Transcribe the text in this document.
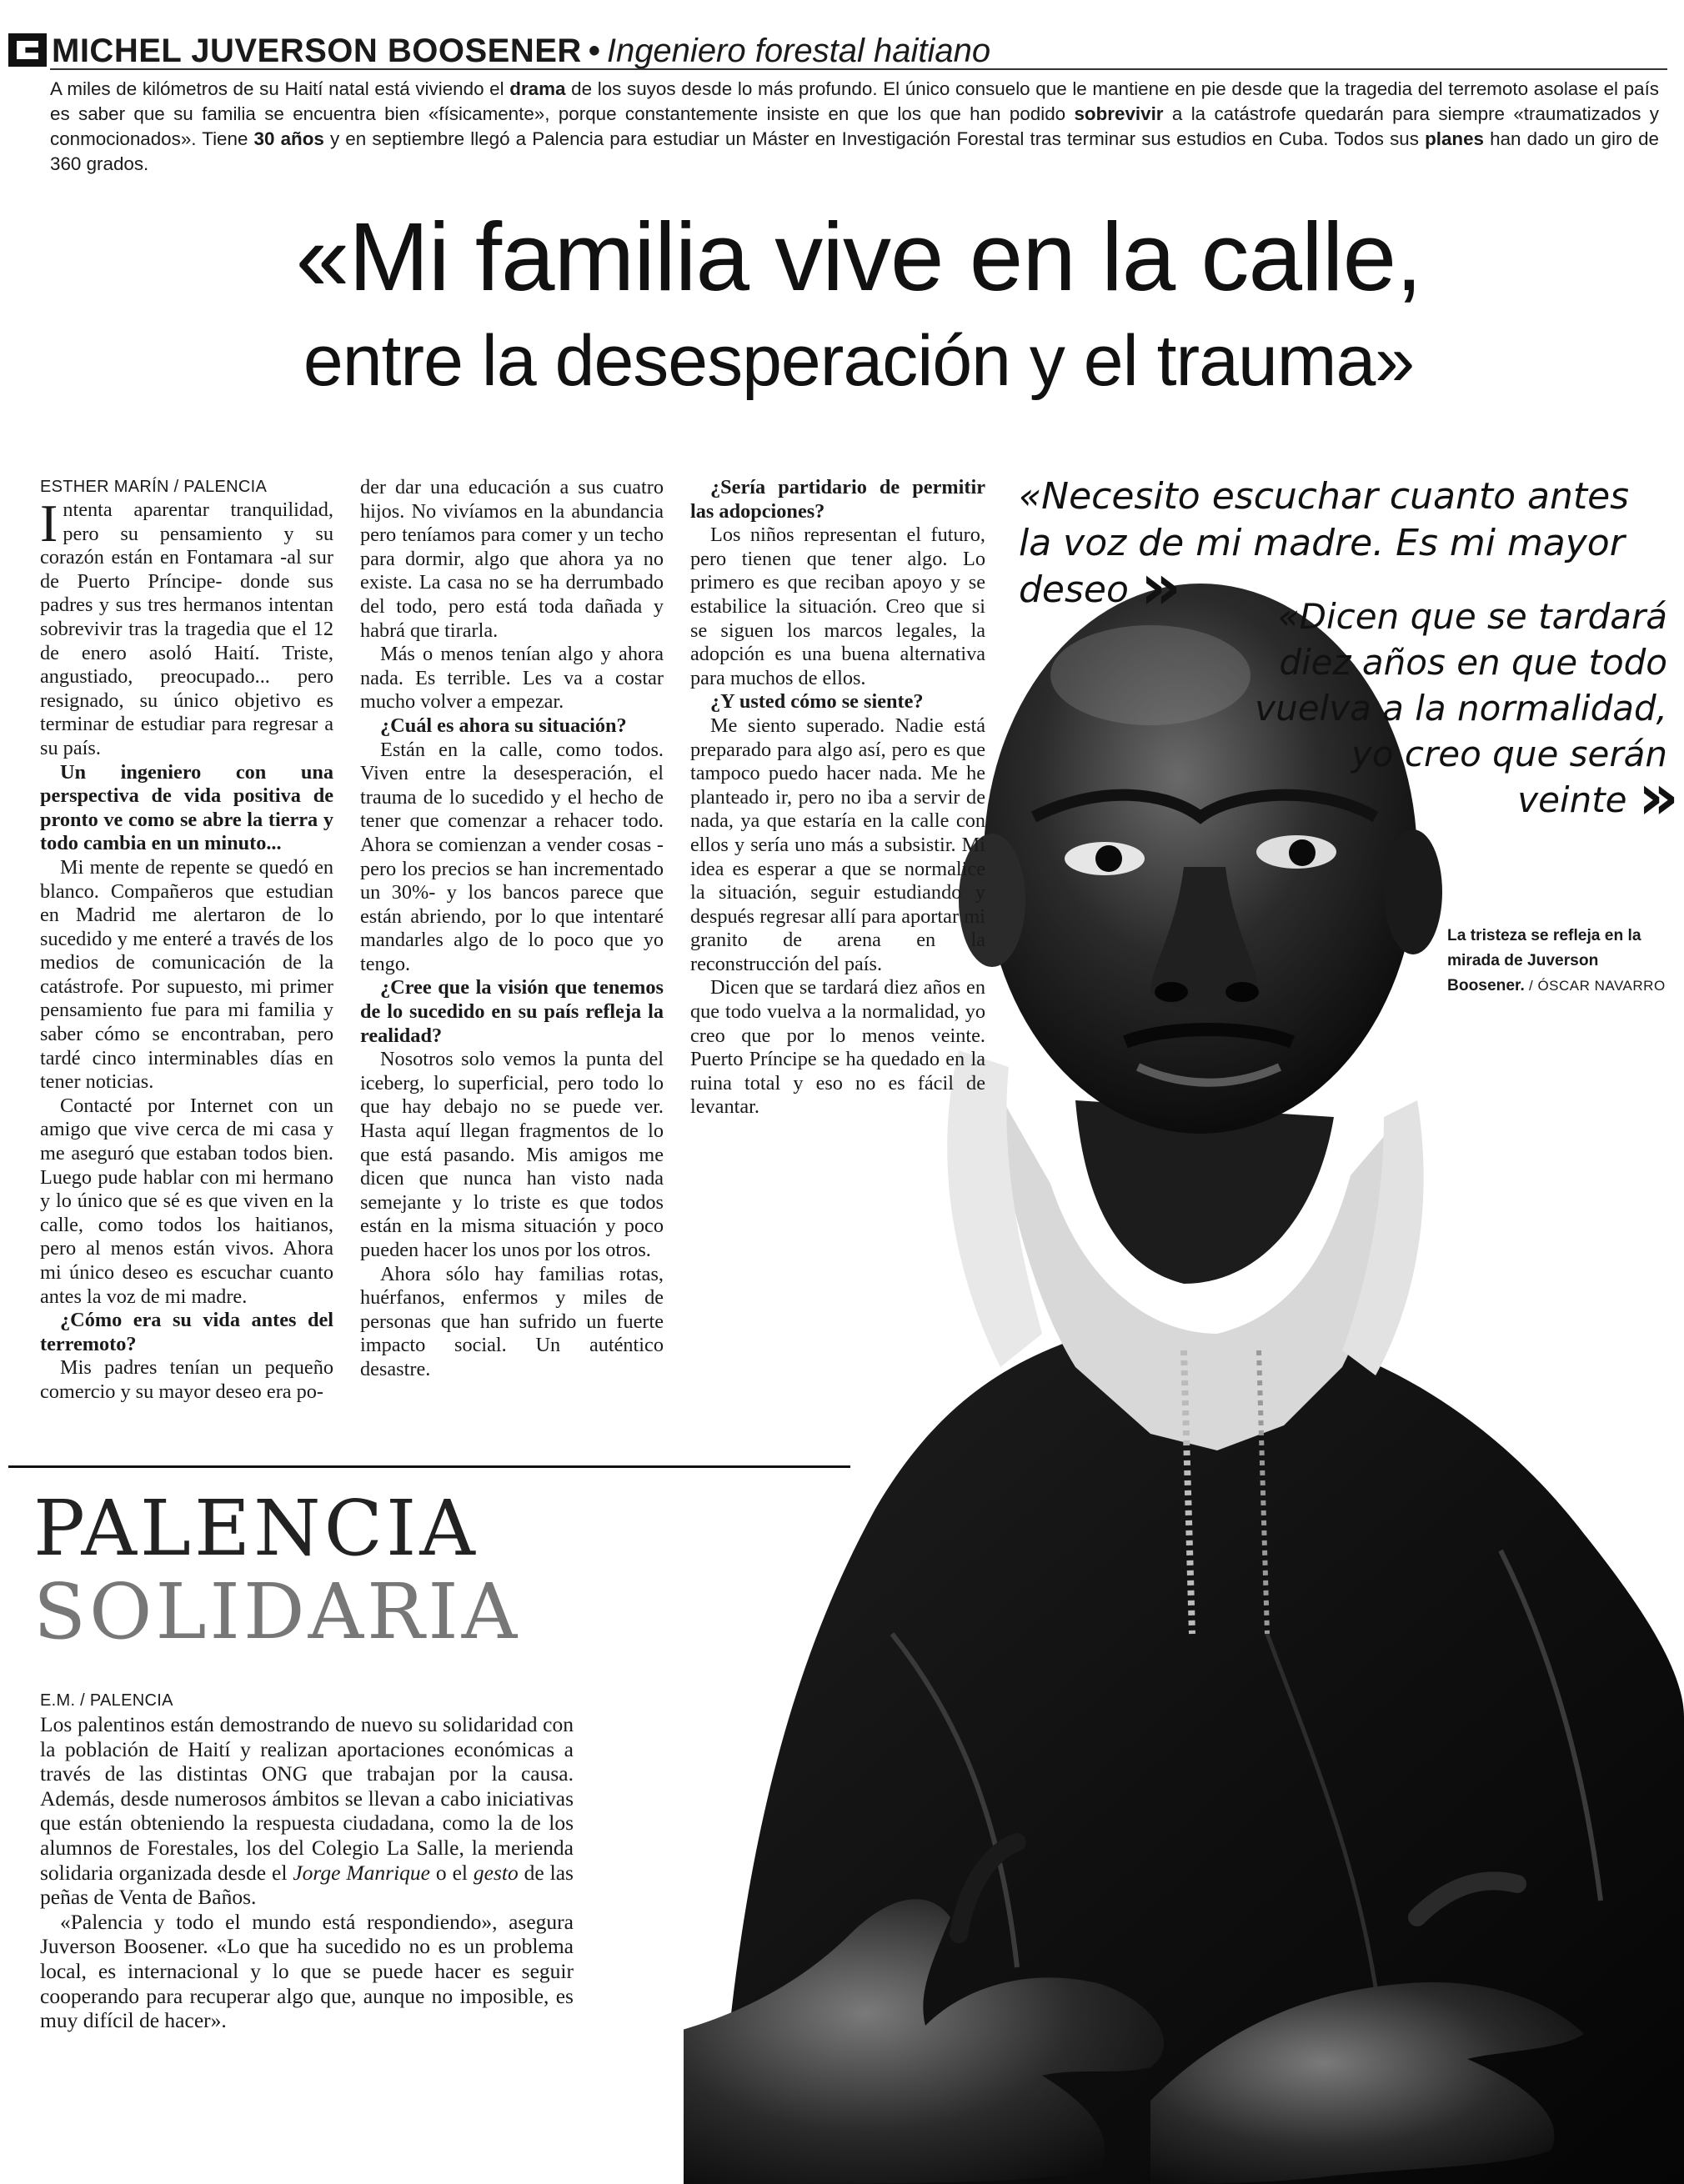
MICHEL JUVERSON BOOSENER • Ingeniero forestal haitiano
A miles de kilómetros de su Haití natal está viviendo el drama de los suyos desde lo más profundo. El único consuelo que le mantiene en pie desde que la tragedia del terremoto asolase el país es saber que su familia se encuentra bien «físicamente», porque constantemente insiste en que los que han podido sobrevivir a la catástrofe quedarán para siempre «traumatizados y conmocionados». Tiene 30 años y en septiembre llegó a Palencia para estudiar un Máster en Investigación Forestal tras terminar sus estudios en Cuba. Todos sus planes han dado un giro de 360 grados.
«Mi familia vive en la calle,
entre la desesperación y el trauma»
ESTHER MARÍN / PALENCIA

Intenta aparentar tranquilidad, pero su pensamiento y su corazón están en Fontamara -al sur de Puerto Príncipe- donde sus padres y sus tres hermanos intentan sobrevivir tras la tragedia que el 12 de enero asoló Haití. Triste, angustiado, preocupado... pero resignado, su único objetivo es terminar de estudiar para regresar a su país.

Un ingeniero con una perspectiva de vida positiva de pronto ve como se abre la tierra y todo cambia en un minuto...

Mi mente de repente se quedó en blanco. Compañeros que estudian en Madrid me alertaron de lo sucedido y me enteré a través de los medios de comunicación de la catástrofe. Por supuesto, mi primer pensamiento fue para mi familia y saber cómo se encontraban, pero tardé cinco interminables días en tener noticias.

Contacté por Internet con un amigo que vive cerca de mi casa y me aseguró que estaban todos bien. Luego pude hablar con mi hermano y lo único que sé es que viven en la calle, como todos los haitianos, pero al menos están vivos. Ahora mi único deseo es escuchar cuanto antes la voz de mi madre.

¿Cómo era su vida antes del terremoto?

Mis padres tenían un pequeño comercio y su mayor deseo era po-

der dar una educación a sus cuatro hijos. No vivíamos en la abundancia pero teníamos para comer y un techo para dormir, algo que ahora ya no existe. La casa no se ha derrumbado del todo, pero está toda dañada y habrá que tirarla.

Más o menos tenían algo y ahora nada. Es terrible. Les va a costar mucho volver a empezar.

¿Cuál es ahora su situación?

Están en la calle, como todos. Viven entre la desesperación, el trauma de lo sucedido y el hecho de tener que comenzar a rehacer todo. Ahora se comienzan a vender cosas -pero los precios se han incrementado un 30%- y los bancos parece que están abriendo, por lo que intentaré mandarles algo de lo poco que yo tengo.

¿Cree que la visión que tenemos de lo sucedido en su país refleja la realidad?

Nosotros solo vemos la punta del iceberg, lo superficial, pero todo lo que hay debajo no se puede ver. Hasta aquí llegan fragmentos de lo que está pasando. Mis amigos me dicen que nunca han visto nada semejante y lo triste es que todos están en la misma situación y poco pueden hacer los unos por los otros.

Ahora sólo hay familias rotas, huérfanos, enfermos y miles de personas que han sufrido un fuerte impacto social. Un auténtico desastre.

¿Sería partidario de permitir las adopciones?

Los niños representan el futuro, pero tienen que tener algo. Lo primero es que reciban apoyo y se estabilice la situación. Creo que si se siguen los marcos legales, la adopción es una buena alternativa para muchos de ellos.

¿Y usted cómo se siente?

Me siento superado. Nadie está preparado para algo así, pero es que tampoco puedo hacer nada. Me he planteado ir, pero no iba a servir de nada, ya que estaría en la calle con ellos y sería uno más a subsistir. Mi idea es esperar a que se normalice la situación, seguir estudiando y después regresar allí para aportar mi granito de arena en la reconstrucción del país.

Dicen que se tardará diez años en que todo vuelva a la normalidad, yo creo que por lo menos veinte. Puerto Príncipe se ha quedado en la ruina total y eso no es fácil de levantar.

«Necesito escuchar cuanto antes la voz de mi madre. Es mi mayor deseo »	«Dicen que se tardará diez años en que todo vuelva a la normalidad, yo creo que serán veinte »
La tristeza se refleja en la mirada de Juverson Boosener. / ÓSCAR NAVARRO
PALENCIA
SOLIDARIA
E.M. / PALENCIA

Los palentinos están demostrando de nuevo su solidaridad con la población de Haití y realizan aportaciones económicas a través de las distintas ONG que trabajan por la causa. Además, desde numerosos ámbitos se llevan a cabo iniciativas que están obteniendo la respuesta ciudadana, como la de los alumnos de Forestales, los del Colegio La Salle, la merienda solidaria organizada desde el Jorge Manrique o el gesto de las peñas de Venta de Baños.

«Palencia y todo el mundo está respondiendo», asegura Juverson Boosener. «Lo que ha sucedido no es un problema local, es internacional y lo que se puede hacer es seguir cooperando para recuperar algo que, aunque no imposible, es muy difícil de hacer».
